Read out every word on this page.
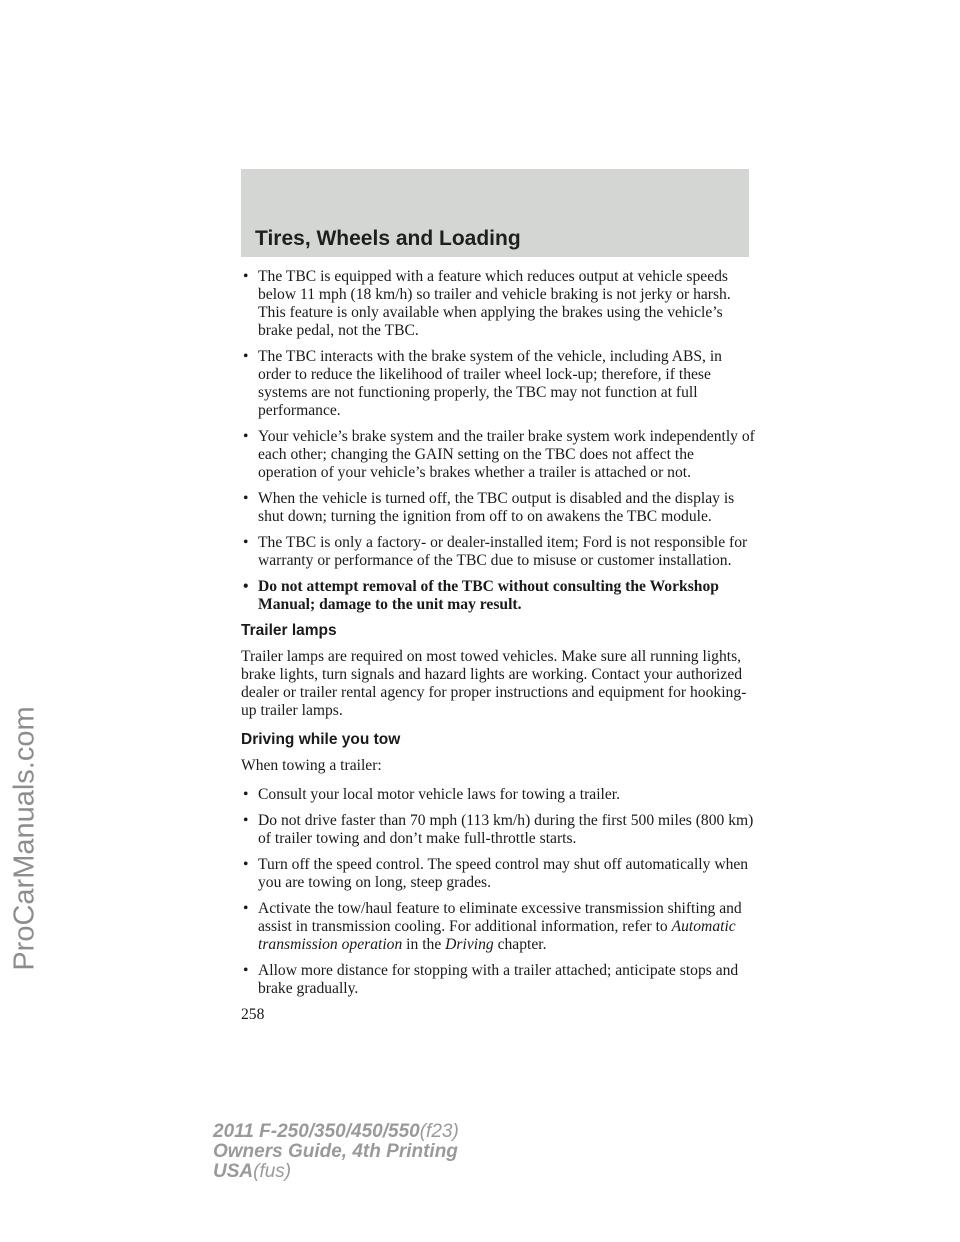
Tires, Wheels and Loading
• The TBC is equipped with a feature which reduces output at vehicle speeds below 11 mph (18 km/h) so trailer and vehicle braking is not jerky or harsh. This feature is only available when applying the brakes using the vehicle’s brake pedal, not the TBC.
• The TBC interacts with the brake system of the vehicle, including ABS, in order to reduce the likelihood of trailer wheel lock-up; therefore, if these systems are not functioning properly, the TBC may not function at full performance.
• Your vehicle’s brake system and the trailer brake system work independently of each other; changing the GAIN setting on the TBC does not affect the operation of your vehicle’s brakes whether a trailer is attached or not.
• When the vehicle is turned off, the TBC output is disabled and the display is shut down; turning the ignition from off to on awakens the TBC module.
• The TBC is only a factory- or dealer-installed item; Ford is not responsible for warranty or performance of the TBC due to misuse or customer installation.
• Do not attempt removal of the TBC without consulting the Workshop Manual; damage to the unit may result.
Trailer lamps

Trailer lamps are required on most towed vehicles. Make sure all running lights, brake lights, turn signals and hazard lights are working. Contact your authorized dealer or trailer rental agency for proper instructions and equipment for hooking-up trailer lamps.

Driving while you tow

When towing a trailer:

• Consult your local motor vehicle laws for towing a trailer.
• Do not drive faster than 70 mph (113 km/h) during the first 500 miles (800 km) of trailer towing and don’t make full-throttle starts.
• Turn off the speed control. The speed control may shut off automatically when you are towing on long, steep grades.
• Activate the tow/haul feature to eliminate excessive transmission shifting and assist in transmission cooling. For additional information, refer to Automatic transmission operation in the Driving chapter.
• Allow more distance for stopping with a trailer attached; anticipate stops and brake gradually.
258
ProCarManuals.com
2011 F-250/350/450/550(f23)
Owners Guide, 4th Printing
USA(fus)
